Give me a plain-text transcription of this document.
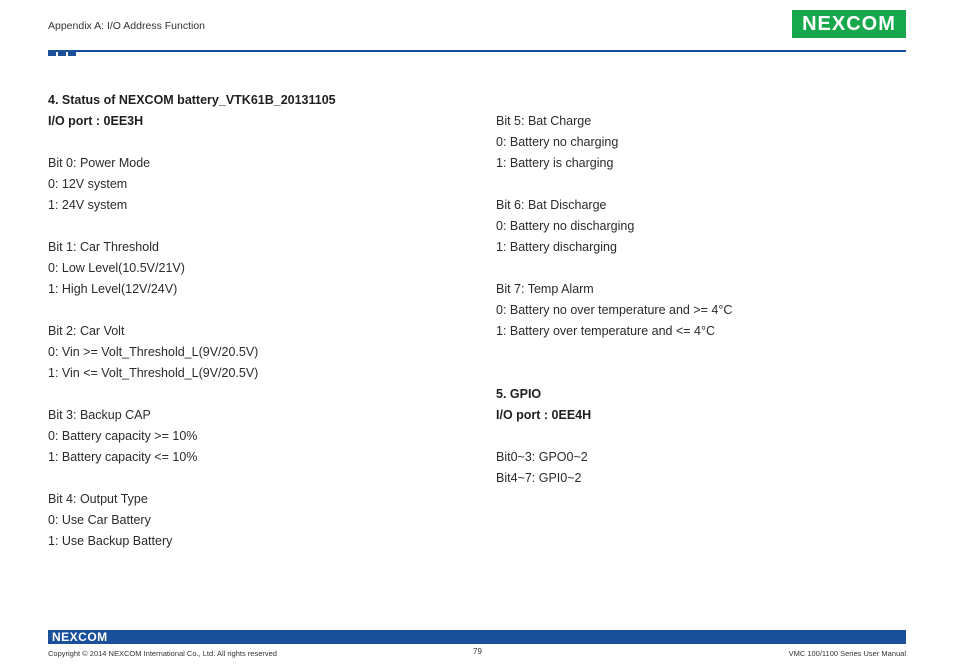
Appendix A: I/O Address Function	NEXCOM
4. Status of NEXCOM battery_VTK61B_20131105
I/O port : 0EE3H
Bit 0: Power Mode
0: 12V system
1: 24V system
Bit 1: Car Threshold
0: Low Level(10.5V/21V)
1: High Level(12V/24V)
Bit 2: Car Volt
0: Vin >= Volt_Threshold_L(9V/20.5V)
1: Vin <= Volt_Threshold_L(9V/20.5V)
Bit 3: Backup CAP
0: Battery capacity >= 10%
1: Battery capacity <= 10%
Bit 4: Output Type
0: Use Car Battery
1: Use Backup Battery
Bit 5: Bat Charge
0: Battery no charging
1: Battery is charging
Bit 6: Bat Discharge
0: Battery no discharging
1: Battery discharging
Bit 7: Temp Alarm
0: Battery no over temperature and >= 4°C
1: Battery over temperature and <= 4°C
5. GPIO
I/O port : 0EE4H
Bit0~3: GPO0~2
Bit4~7: GPI0~2
NEXCOM
Copyright © 2014 NEXCOM International Co., Ltd. All rights reserved	79	VMC 100/1100 Series User Manual
